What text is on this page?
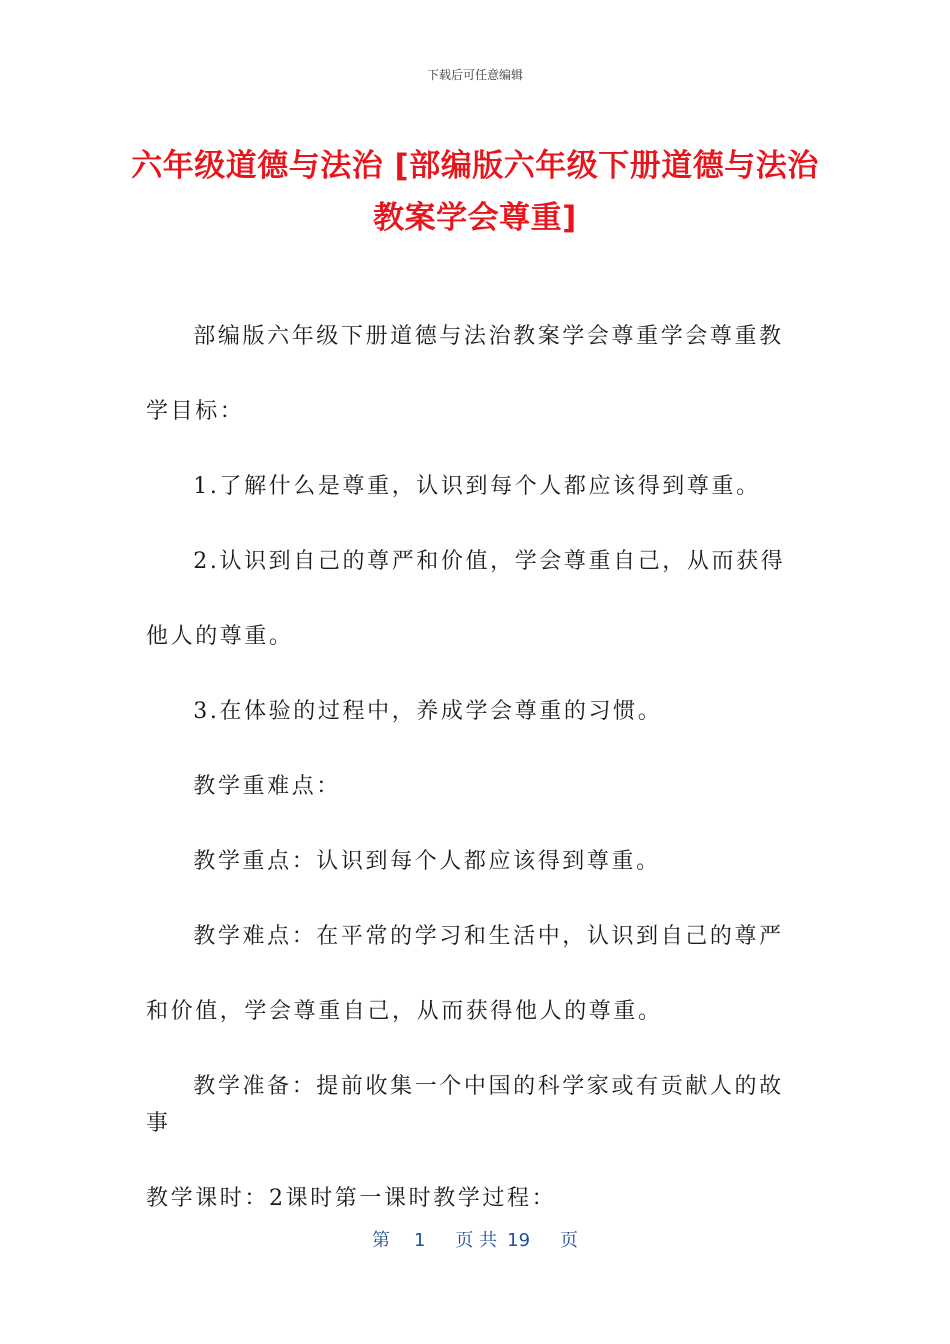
下载后可任意编辑
六年级道德与法治 [部编版六年级下册道德与法治教案学会尊重]

部编版六年级下册道德与法治教案学会尊重学会尊重教学目标：

1.了解什么是尊重，认识到每个人都应该得到尊重。

2.认识到自己的尊严和价值，学会尊重自己，从而获得他人的尊重。

3.在体验的过程中，养成学会尊重的习惯。

教学重难点：

教学重点：认识到每个人都应该得到尊重。

教学难点：在平常的学习和生活中，认识到自己的尊严和价值，学会尊重自己，从而获得他人的尊重。

教学准备：提前收集一个中国的科学家或有贡献人的故事

教学课时：2课时第一课时教学过程：

第 1 页 共 19 页
